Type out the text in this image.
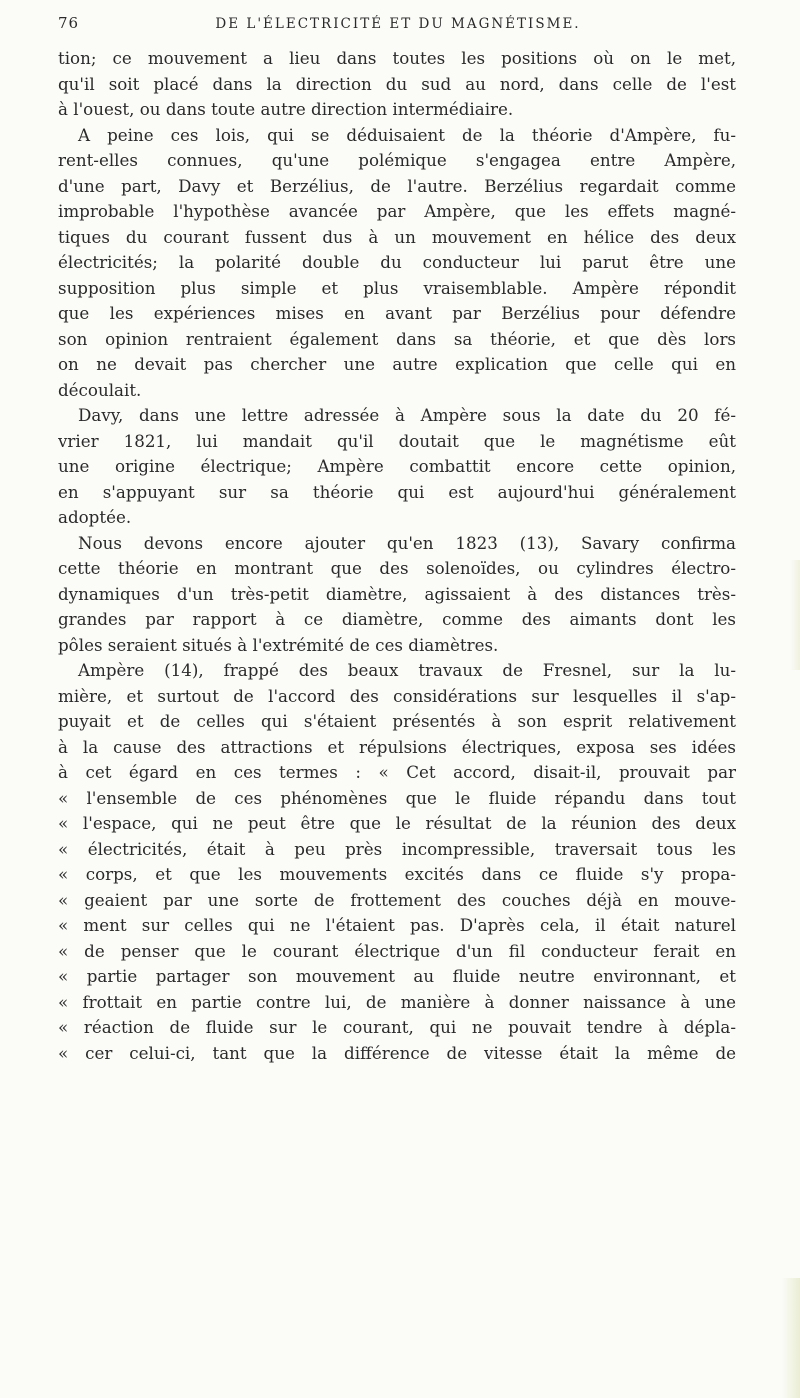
76	DE L'ÉLECTRICITÉ ET DU MAGNÉTISME.
tion; ce mouvement a lieu dans toutes les positions où on le met,
qu'il soit placé dans la direction du sud au nord, dans celle de l'est
à l'ouest, ou dans toute autre direction intermédiaire.
A peine ces lois, qui se déduisaient de la théorie d'Ampère, fu-
rent-elles connues, qu'une polémique s'engagea entre Ampère,
d'une part, Davy et Berzélius, de l'autre. Berzélius regardait comme
improbable l'hypothèse avancée par Ampère, que les effets magné-
tiques du courant fussent dus à un mouvement en hélice des deux
électricités; la polarité double du conducteur lui parut être une
supposition plus simple et plus vraisemblable. Ampère répondit
que les expériences mises en avant par Berzélius pour défendre
son opinion rentraient également dans sa théorie, et que dès lors
on ne devait pas chercher une autre explication que celle qui en
découlait.
Davy, dans une lettre adressée à Ampère sous la date du 20 fé-
vrier 1821, lui mandait qu'il doutait que le magnétisme eût
une origine électrique; Ampère combattit encore cette opinion,
en s'appuyant sur sa théorie qui est aujourd'hui généralement
adoptée.
Nous devons encore ajouter qu'en 1823 (13), Savary confirma
cette théorie en montrant que des solenoïdes, ou cylindres électro-
dynamiques d'un très-petit diamètre, agissaient à des distances très-
grandes par rapport à ce diamètre, comme des aimants dont les
pôles seraient situés à l'extrémité de ces diamètres.
Ampère (14), frappé des beaux travaux de Fresnel, sur la lu-
mière, et surtout de l'accord des considérations sur lesquelles il s'ap-
puyait et de celles qui s'étaient présentés à son esprit relativement
à la cause des attractions et répulsions électriques, exposa ses idées
à cet égard en ces termes : « Cet accord, disait-il, prouvait par
« l'ensemble de ces phénomènes que le fluide répandu dans tout
« l'espace, qui ne peut être que le résultat de la réunion des deux
« électricités, était à peu près incompressible, traversait tous les
« corps, et que les mouvements excités dans ce fluide s'y propa-
« geaient par une sorte de frottement des couches déjà en mouve-
« ment sur celles qui ne l'étaient pas. D'après cela, il était naturel
« de penser que le courant électrique d'un fil conducteur ferait en
« partie partager son mouvement au fluide neutre environnant, et
« frottait en partie contre lui, de manière à donner naissance à une
« réaction de fluide sur le courant, qui ne pouvait tendre à dépla-
« cer celui-ci, tant que la différence de vitesse était la même de
